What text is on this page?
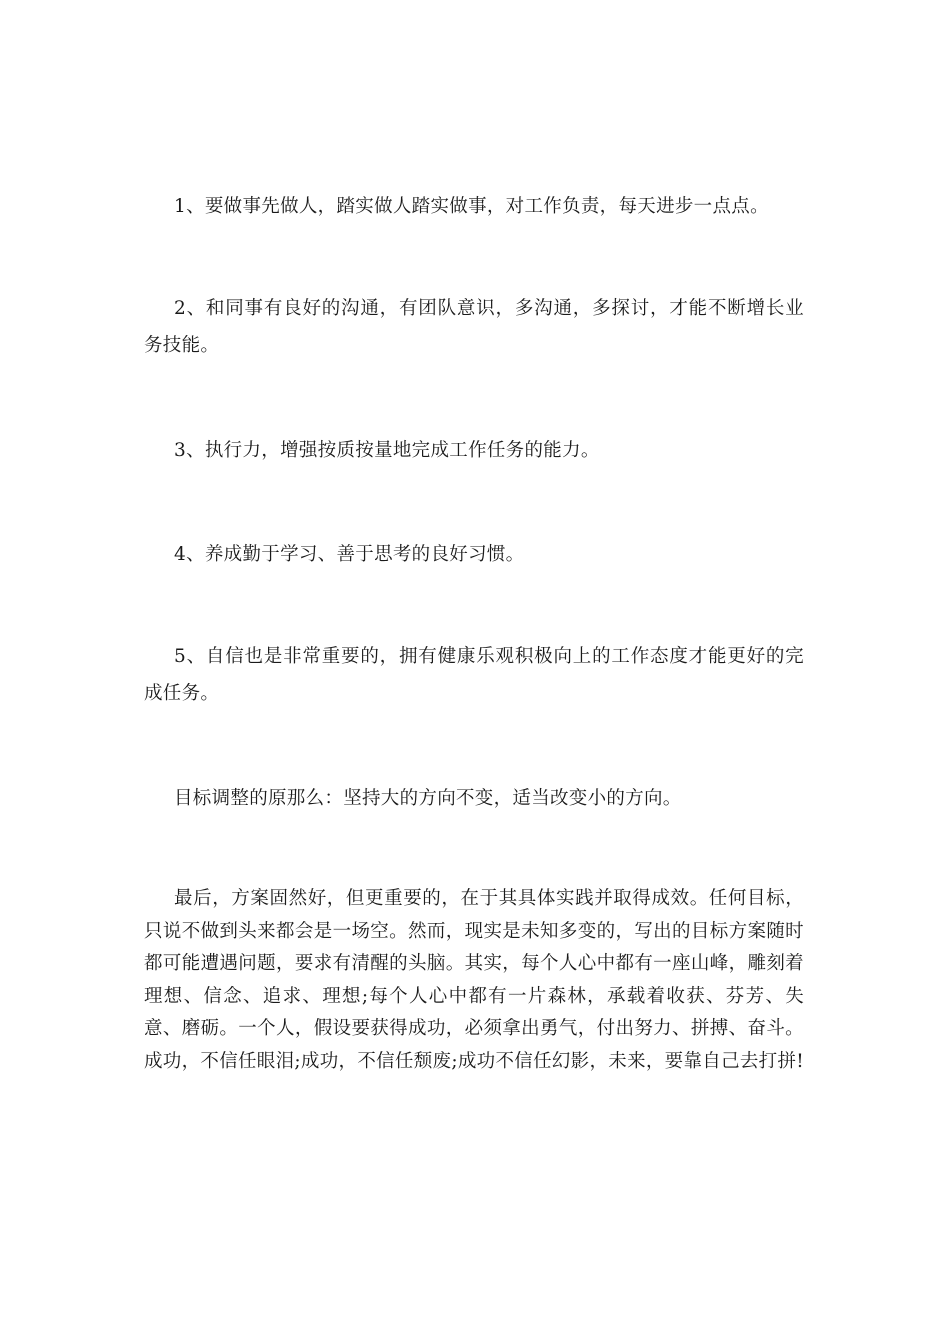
1、要做事先做人，踏实做人踏实做事，对工作负责，每天进步一点点。

2、和同事有良好的沟通，有团队意识，多沟通，多探讨，才能不断增长业务技能。

3、执行力，增强按质按量地完成工作任务的能力。

4、养成勤于学习、善于思考的良好习惯。

5、自信也是非常重要的，拥有健康乐观积极向上的工作态度才能更好的完成任务。

目标调整的原那么：坚持大的方向不变，适当改变小的方向。

最后，方案固然好，但更重要的，在于其具体实践并取得成效。任何目标，只说不做到头来都会是一场空。然而，现实是未知多变的，写出的目标方案随时都可能遭遇问题，要求有清醒的头脑。其实，每个人心中都有一座山峰，雕刻着理想、信念、追求、理想;每个人心中都有一片森林，承载着收获、芬芳、失意、磨砺。一个人，假设要获得成功，必须拿出勇气，付出努力、拼搏、奋斗。成功，不信任眼泪;成功，不信任颓废;成功不信任幻影，未来，要靠自己去打拼!
